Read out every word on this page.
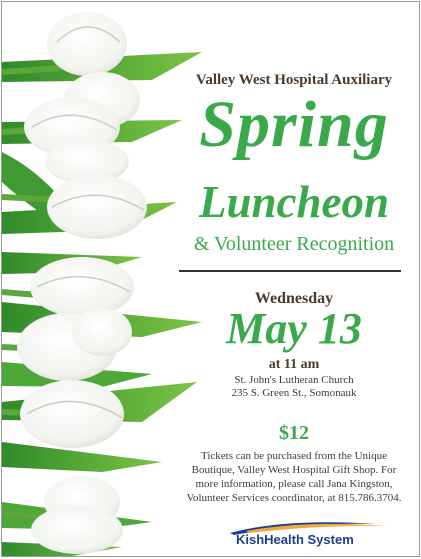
Valley West Hospital Auxiliary
Spring
Luncheon
& Volunteer Recognition
Wednesday
May 13
at 11 am
St. John's Lutheran Church
235 S. Green St., Somonauk
$12
Tickets can be purchased from the Unique
Boutique, Valley West Hospital Gift Shop. For
more information, please call Jana Kingston,
Volunteer Services coordinator, at 815.786.3704.
KishHealth System
